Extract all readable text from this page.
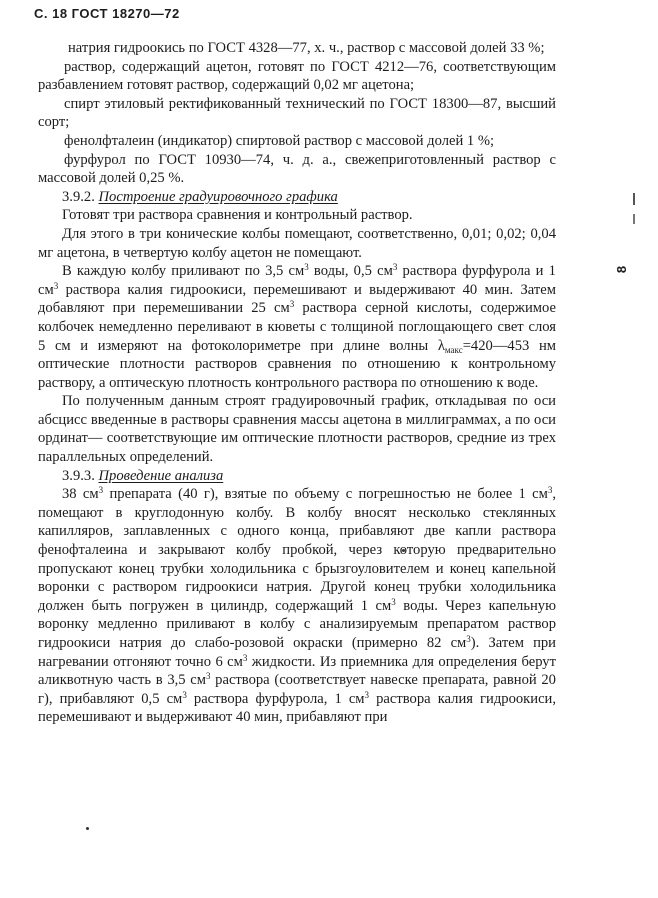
С. 18 ГОСТ 18270—72
8

натрия гидроокись по ГОСТ 4328—77, х. ч., раствор с массовой долей 33 %;

раствор, содержащий ацетон, готовят по ГОСТ 4212—76, соответствующим разбавлением готовят раствор, содержащий 0,02 мг ацетона;

спирт этиловый ректификованный технический по ГОСТ 18300—87, высший сорт;

фенолфталеин (индикатор) спиртовой раствор с массовой долей 1 %;

фурфурол по ГОСТ 10930—74, ч. д. а., свежеприготовленный раствор с массовой долей 0,25 %.

3.9.2. Построение градуировочного графика

Готовят три раствора сравнения и контрольный раствор.

Для этого в три конические колбы помещают, соответственно, 0,01; 0,02; 0,04 мг ацетона, в четвертую колбу ацетон не помещают.

В каждую колбу приливают по 3,5 $см^3$ воды, 0,5 $см^3$ раствора фурфурола и 1 $см^3$ раствора калия гидроокиси, перемешивают и выдерживают 40 мин. Затем добавляют при перемешивании 25 $см^3$ раствора серной кислоты, содержимое колбочек немедленно переливают в кюветы с толщиной поглощающего свет слоя 5 см и измеряют на фотоколориметре при длине волны $\lambda_{макс}=420—453$ нм оптические плотности растворов сравнения по отношению к контрольному раствору, а оптическую плотность контрольного раствора по отношению к воде.

По полученным данным строят градуировочный график, откладывая по оси абсцисс введенные в растворы сравнения массы ацетона в миллиграммах, а по оси ординат— соответствующие им оптические плотности растворов, средние из трех параллельных определений.

3.9.3. Проведение анализа

38 $см^3$ препарата (40 г), взятые по объему с погрешностью не более 1 $см^3$, помещают в круглодонную колбу. В колбу вносят несколько стеклянных капилляров, заплавленных с одного конца, прибавляют две капли раствора фенофталеина и закрывают колбу пробкой, через которую предварительно пропускают конец трубки холодильника с брызгоуловителем и конец капельной воронки с раствором гидроокиси натрия. Другой конец трубки холодильника должен быть погружен в цилиндр, содержащий 1 $см^3$ воды. Через капельную воронку медленно приливают в колбу с анализируемым препаратом раствор гидроокиси натрия до слабо-розовой окраски (примерно 82 $см^3$). Затем при нагревании отгоняют точно 6 $см^3$ жидкости. Из приемника для определения берут аликвотную часть в 3,5 $см^3$ раствора (соответствует навеске препарата, равной 20 г), прибавляют 0,5 $см^3$ раствора фурфурола, 1 $см^3$ раствора калия гидроокиси, перемешивают и выдерживают 40 мин, прибавляют при
